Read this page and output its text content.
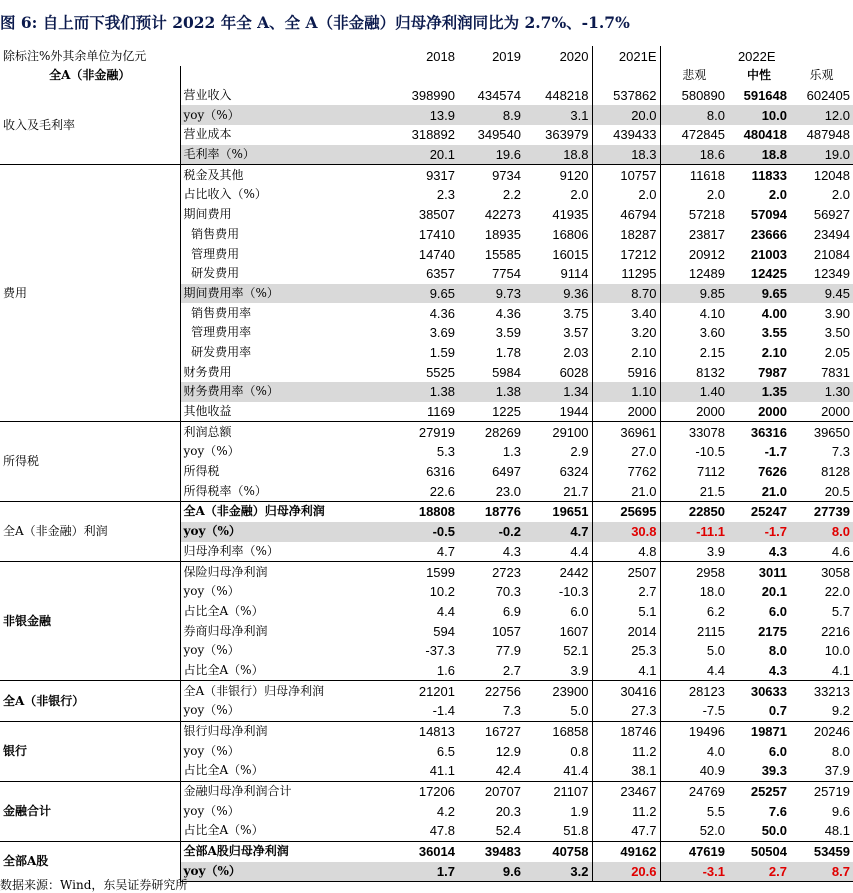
图 6: 自上而下我们预计 2022 年全 A、全 A（非金融）归母净利润同比为 2.7%、-1.7%
除标注%外其余单位为亿元		2018	2019	2020	2021E	2022E		
全A（非金融）						悲观	中性	乐观
收入及毛利率	营业收入	398990	434574	448218	537862	580890	591648	602405
	yoy（%）	13.9	8.9	3.1	20.0	8.0	10.0	12.0
	营业成本	318892	349540	363979	439433	472845	480418	487948
	毛利率（%）	20.1	19.6	18.8	18.3	18.6	18.8	19.0
费用	税金及其他	9317	9734	9120	10757	11618	11833	12048
	占比收入（%）	2.3	2.2	2.0	2.0	2.0	2.0	2.0
	期间费用	38507	42273	41935	46794	57218	57094	56927
	销售费用	17410	18935	16806	18287	23817	23666	23494
	管理费用	14740	15585	16015	17212	20912	21003	21084
	研发费用	6357	7754	9114	11295	12489	12425	12349
	期间费用率（%）	9.65	9.73	9.36	8.70	9.85	9.65	9.45
	销售费用率	4.36	4.36	3.75	3.40	4.10	4.00	3.90
	管理费用率	3.69	3.59	3.57	3.20	3.60	3.55	3.50
	研发费用率	1.59	1.78	2.03	2.10	2.15	2.10	2.05
	财务费用	5525	5984	6028	5916	8132	7987	7831
	财务费用率（%）	1.38	1.38	1.34	1.10	1.40	1.35	1.30
	其他收益	1169	1225	1944	2000	2000	2000	2000
所得税	利润总额	27919	28269	29100	36961	33078	36316	39650
	yoy（%）	5.3	1.3	2.9	27.0	-10.5	-1.7	7.3
	所得税	6316	6497	6324	7762	7112	7626	8128
	所得税率（%）	22.6	23.0	21.7	21.0	21.5	21.0	20.5
全A（非金融）利润	全A（非金融）归母净利润	18808	18776	19651	25695	22850	25247	27739
	yoy（%）	-0.5	-0.2	4.7	30.8	-11.1	-1.7	8.0
	归母净利率（%）	4.7	4.3	4.4	4.8	3.9	4.3	4.6
非银金融	保险归母净利润	1599	2723	2442	2507	2958	3011	3058
	yoy（%）	10.2	70.3	-10.3	2.7	18.0	20.1	22.0
	占比全A（%）	4.4	6.9	6.0	5.1	6.2	6.0	5.7
	券商归母净利润	594	1057	1607	2014	2115	2175	2216
	yoy（%）	-37.3	77.9	52.1	25.3	5.0	8.0	10.0
	占比全A（%）	1.6	2.7	3.9	4.1	4.4	4.3	4.1
全A（非银行）	全A（非银行）归母净利润	21201	22756	23900	30416	28123	30633	33213
	yoy（%）	-1.4	7.3	5.0	27.3	-7.5	0.7	9.2
银行	银行归母净利润	14813	16727	16858	18746	19496	19871	20246
	yoy（%）	6.5	12.9	0.8	11.2	4.0	6.0	8.0
	占比全A（%）	41.1	42.4	41.4	38.1	40.9	39.3	37.9
金融合计	金融归母净利润合计	17206	20707	21107	23467	24769	25257	25719
	yoy（%）	4.2	20.3	1.9	11.2	5.5	7.6	9.6
	占比全A（%）	47.8	52.4	51.8	47.7	52.0	50.0	48.1
全部A股	全部A股归母净利润	36014	39483	40758	49162	47619	50504	53459
	yoy（%）	1.7	9.6	3.2	20.6	-3.1	2.7	8.7
数据来源：Wind，东吴证券研究所
